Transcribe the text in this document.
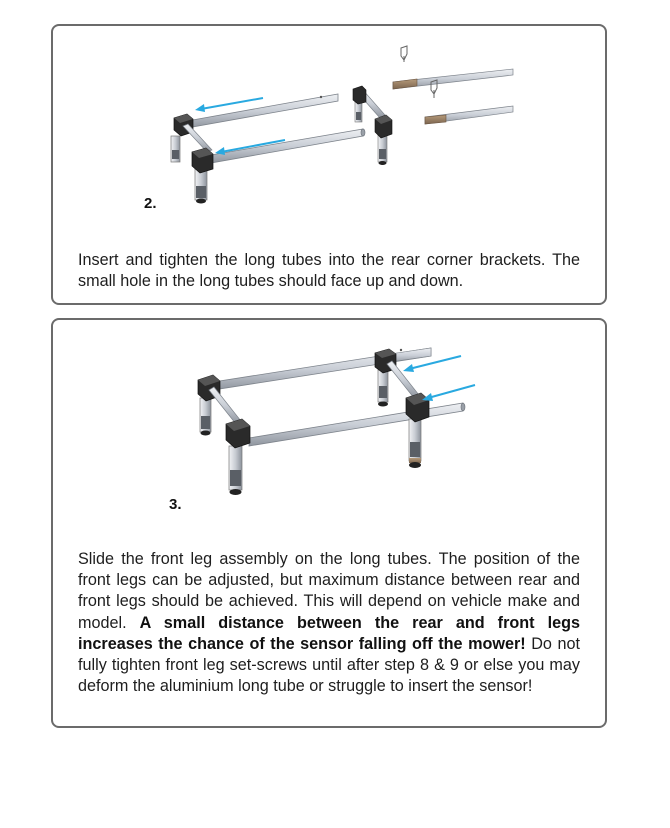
2.
Insert and tighten the long tubes into the rear corner brackets. The small hole in the long tubes should face up and down.
3.
Slide the front leg assembly on the long tubes. The position of the front legs can be adjusted, but maximum distance between rear and front legs should be achieved. This will depend on vehicle make and model. A small distance between the rear and front legs increases the chance of the sensor falling off the mower! Do not fully tighten front leg set-screws until after step 8 & 9 or else you may deform the aluminium long tube or struggle to insert the sensor!
